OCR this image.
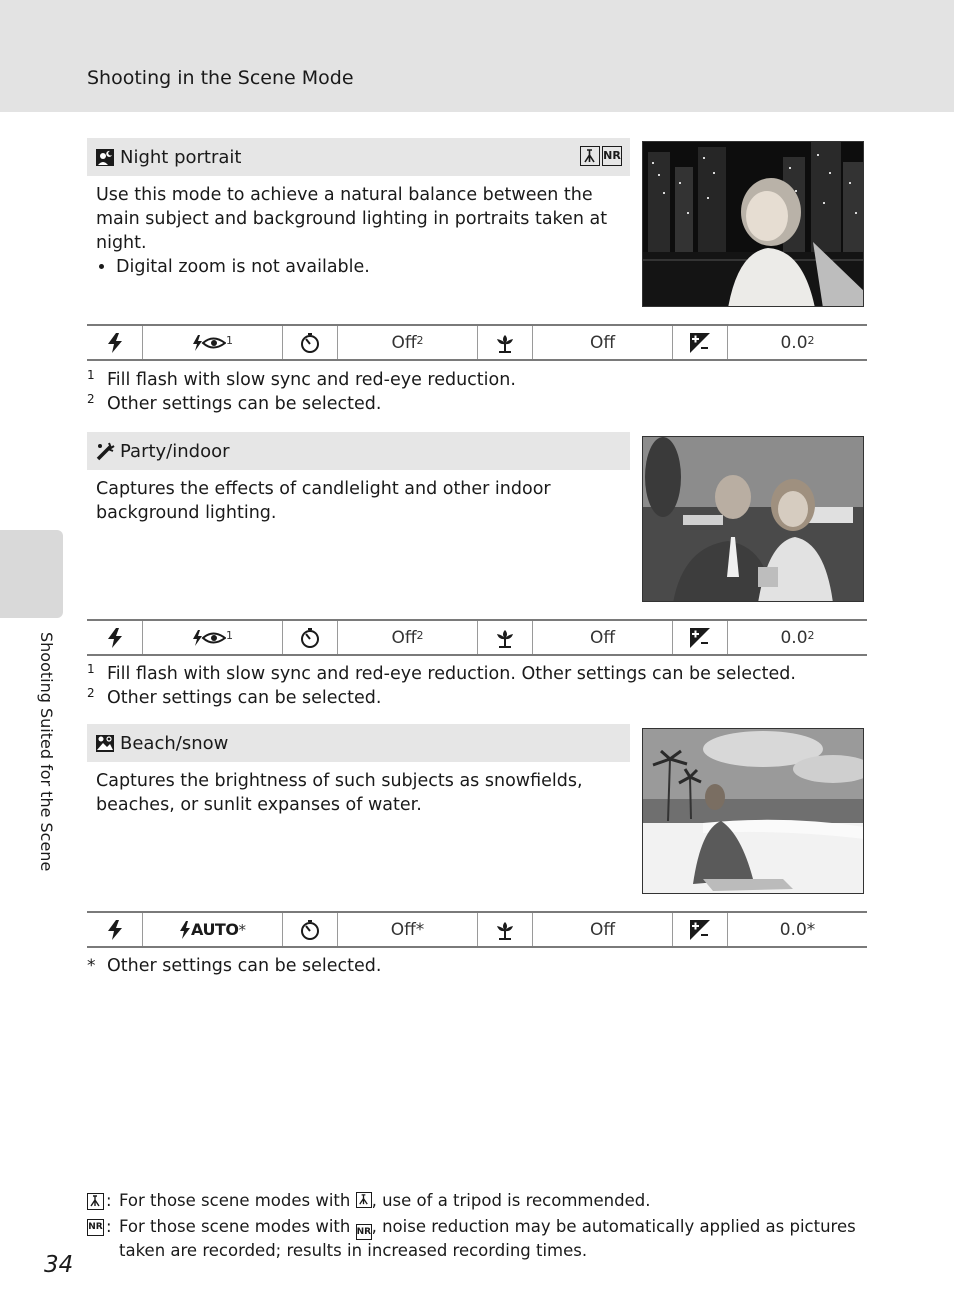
Shooting in the Scene Mode
Shooting Suited for the Scene
Night portrait	NR
Use this mode to achieve a natural balance between the main subject and background lighting in portraits taken at night.
• Digital zoom is not available.
$^1$	Off$^2$	Off	$0.0^2$
1 Fill flash with slow sync and red-eye reduction.
2 Other settings can be selected.
Party/indoor
Captures the effects of candlelight and other indoor background lighting.
$^1$	Off$^2$	Off	$0.0^2$
1 Fill flash with slow sync and red-eye reduction. Other settings can be selected.
2 Other settings can be selected.
Beach/snow
Captures the brightness of such subjects as snowfields, beaches, or sunlit expanses of water.
AUTO *	Off*	Off	0.0*
* Other settings can be selected.
: For those scene modes with , use of a tripod is recommended.
NR : For those scene modes with NR, noise reduction may be automatically applied as pictures taken are recorded; results in increased recording times.
34
